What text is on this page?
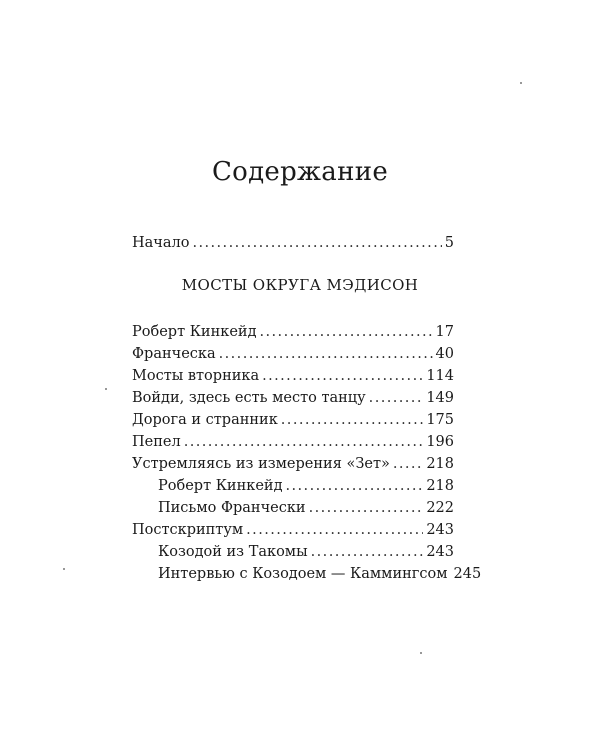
Содержание
Начало . . .	5
МОСТЫ ОКРУГА МЭДИСОН
Роберт Кинкейд . . .	17
Франческа . . .	40
Мосты вторника . . .	114
Войди, здесь есть место танцу . . .	149
Дорога и странник . . .	175
Пепел . . .	196
Устремляясь из измерения «Зет» . . .	218
Роберт Кинкейд . . .	218
Письмо Франчески . . .	222
Постскриптум . . .	243
Козодой из Такомы . . .	243
Интервью с Козодоем — Каммингсом 245
